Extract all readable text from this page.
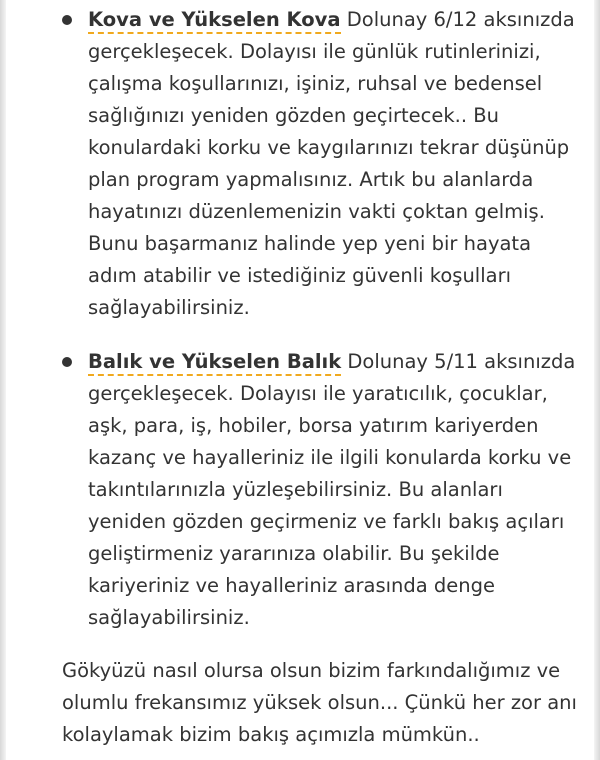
Kova ve Yükselen Kova Dolunay 6/12 aksınızda gerçekleşecek. Dolayısı ile günlük rutinlerinizi, çalışma koşullarınızı, işiniz, ruhsal ve bedensel sağlığınızı yeniden gözden geçirtecek.. Bu konulardaki korku ve kaygılarınızı tekrar düşünüp plan program yapmalısınız. Artık bu alanlarda hayatınızı düzenlemenizin vakti çoktan gelmiş. Bunu başarmanız halinde yep yeni bir hayata adım atabilir ve istediğiniz güvenli koşulları sağlayabilirsiniz.
Balık ve Yükselen Balık Dolunay 5/11 aksınızda gerçekleşecek. Dolayısı ile yaratıcılık, çocuklar, aşk, para, iş, hobiler, borsa yatırım kariyerden kazanç ve hayalleriniz ile ilgili konularda korku ve takıntılarınızla yüzleşebilirsiniz. Bu alanları yeniden gözden geçirmeniz ve farklı bakış açıları geliştirmeniz yararınıza olabilir. Bu şekilde kariyeriniz ve hayalleriniz arasında denge sağlayabilirsiniz.

Gökyüzü nasıl olursa olsun bizim farkındalığımız ve olumlu frekansımız yüksek olsun... Çünkü her zor anı kolaylamak bizim bakış açımızla mümkün..
